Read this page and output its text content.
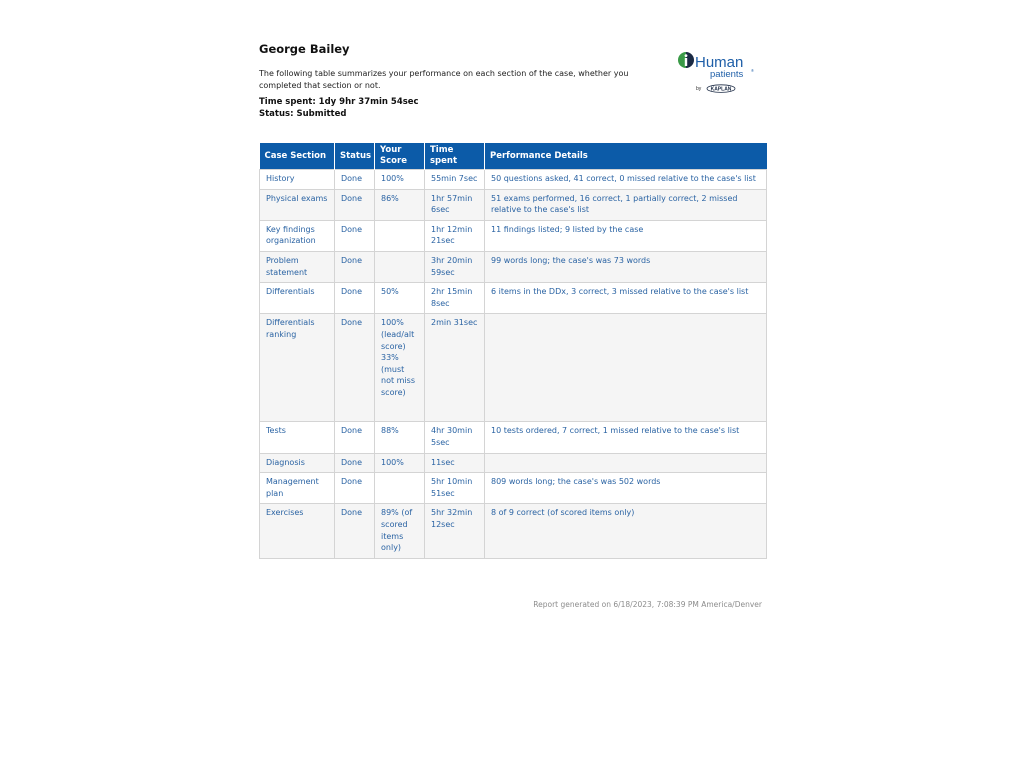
George Bailey

The following table summarizes your performance on each section of the case, whether you completed that section or not.

Time spent: 1dy 9hr 37min 54sec

Status: Submitted

Human
patients ®
by KAPLAN
Case Section	Status	Your Score	Time spent	Performance Details
History	Done	100%	55min 7sec	50 questions asked, 41 correct, 0 missed relative to the case's list
Physical exams	Done	86%	1hr 57min 6sec	51 exams performed, 16 correct, 1 partially correct, 2 missed relative to the case's list
Key findings organization	Done		1hr 12min 21sec	11 findings listed; 9 listed by the case
Problem statement	Done		3hr 20min 59sec	99 words long; the case's was 73 words
Differentials	Done	50%	2hr 15min 8sec	6 items in the DDx, 3 correct, 3 missed relative to the case's list
Differentials ranking	Done	100% (lead/alt score) 33% (must not miss score)	2min 31sec	
Tests	Done	88%	4hr 30min 5sec	10 tests ordered, 7 correct, 1 missed relative to the case's list
Diagnosis	Done	100%	11sec	
Management plan	Done		5hr 10min 51sec	809 words long; the case's was 502 words
Exercises	Done	89% (of scored items only)	5hr 32min 12sec	8 of 9 correct (of scored items only)

Report generated on 6/18/2023, 7:08:39 PM America/Denver
